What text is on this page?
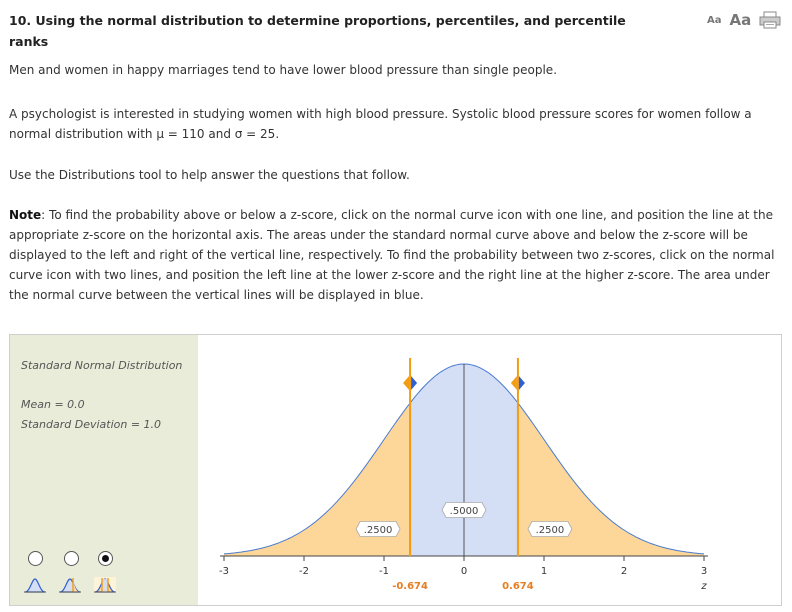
10. Using the normal distribution to determine proportions, percentiles, and percentile ranks
Aa Aa
Men and women in happy marriages tend to have lower blood pressure than single people.
A psychologist is interested in studying women with high blood pressure. Systolic blood pressure scores for women follow a normal distribution with μ = 110 and σ = 25.
Use the Distributions tool to help answer the questions that follow.
Note: To find the probability above or below a z-score, click on the normal curve icon with one line, and position the line at the appropriate z-score on the horizontal axis. The areas under the standard normal curve above and below the z-score will be displayed to the left and right of the vertical line, respectively. To find the probability between two z-scores, click on the normal curve icon with two lines, and position the left line at the lower z-score and the right line at the higher z-score. The area under the normal curve between the vertical lines will be displayed in blue.
Standard Normal Distribution
Mean = 0.0
Standard Deviation = 1.0
-3	-2	-1	0	1	2	3
z
-0.674	0.674
.2500
.5000
.2500
